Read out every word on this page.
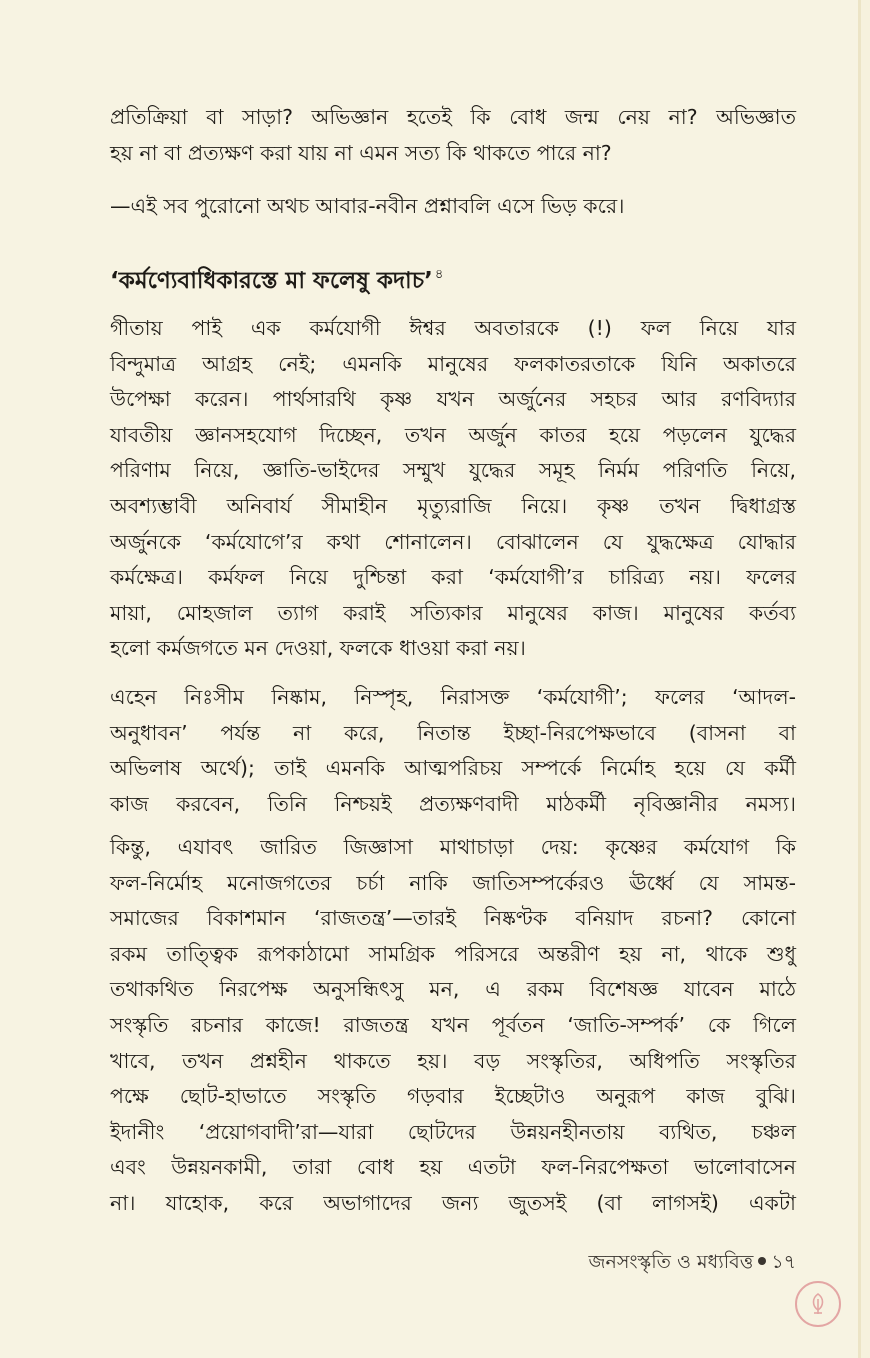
প্রতিক্রিয়া বা সাড়া? অভিজ্ঞান হতেই কি বোধ জন্ম নেয় না? অভিজ্ঞাত
হয় না বা প্রত্যক্ষণ করা যায় না এমন সত্য কি থাকতে পারে না?
—এই সব পুরোনো অথচ আবার-নবীন প্রশ্নাবলি এসে ভিড় করে।
‘কর্মণ্যেবাধিকারস্তে মা ফলেষু কদাচ’ $^৪$
গীতায় পাই এক কর্মযোগী ঈশ্বর অবতারকে (!) ফল নিয়ে যার
বিন্দুমাত্র আগ্রহ নেই; এমনকি মানুষের ফলকাতরতাকে যিনি অকাতরে
উপেক্ষা করেন। পার্থসারথি কৃষ্ণ যখন অর্জুনের সহচর আর রণবিদ্যার
যাবতীয় জ্ঞানসহযোগ দিচ্ছেন, তখন অর্জুন কাতর হয়ে পড়লেন যুদ্ধের
পরিণাম নিয়ে, জ্ঞাতি-ভাইদের সম্মুখ যুদ্ধের সমূহ নির্মম পরিণতি নিয়ে,
অবশ্যম্ভাবী অনিবার্য সীমাহীন মৃত্যুরাজি নিয়ে। কৃষ্ণ তখন দ্বিধাগ্রস্ত
অর্জুনকে ‘কর্মযোগে’র কথা শোনালেন। বোঝালেন যে যুদ্ধক্ষেত্র যোদ্ধার
কর্মক্ষেত্র। কর্মফল নিয়ে দুশ্চিন্তা করা ‘কর্মযোগী’র চারিত্র্য নয়। ফলের
মায়া, মোহজাল ত্যাগ করাই সত্যিকার মানুষের কাজ। মানুষের কর্তব্য
হলো কর্মজগতে মন দেওয়া, ফলকে ধাওয়া করা নয়।
এহেন নিঃসীম নিষ্কাম, নিস্পৃহ, নিরাসক্ত ‘কর্মযোগী’; ফলের ‘আদল-
অনুধাবন’ পর্যন্ত না করে, নিতান্ত ইচ্ছা-নিরপেক্ষভাবে (বাসনা বা
অভিলাষ অর্থে); তাই এমনকি আত্মপরিচয় সম্পর্কে নির্মোহ হয়ে যে কর্মী
কাজ করবেন, তিনি নিশ্চয়ই প্রত্যক্ষণবাদী মাঠকর্মী নৃবিজ্ঞানীর নমস্য।
কিন্তু, এযাবৎ জারিত জিজ্ঞাসা মাথাচাড়া দেয়: কৃষ্ণের কর্মযোগ কি
ফল-নির্মোহ মনোজগতের চর্চা নাকি জাতিসম্পর্কেরও ঊর্ধ্বে যে সামন্ত-
সমাজের বিকাশমান ‘রাজতন্ত্র’—তারই নিষ্কণ্টক বনিয়াদ রচনা? কোনো
রকম তাত্ত্বিক রূপকাঠামো সামগ্রিক পরিসরে অন্তরীণ হয় না, থাকে শুধু
তথাকথিত নিরপেক্ষ অনুসন্ধিৎসু মন, এ রকম বিশেষজ্ঞ যাবেন মাঠে
সংস্কৃতি রচনার কাজে! রাজতন্ত্র যখন পূর্বতন ‘জাতি-সম্পর্ক’ কে গিলে
খাবে, তখন প্রশ্নহীন থাকতে হয়। বড় সংস্কৃতির, অধিপতি সংস্কৃতির
পক্ষে ছোট-হাভাতে সংস্কৃতি গড়বার ইচ্ছেটাও অনুরূপ কাজ বুঝি।
ইদানীং ‘প্রয়োগবাদী’রা—যারা ছোটদের উন্নয়নহীনতায় ব্যথিত, চঞ্চল
এবং উন্নয়নকামী, তারা বোধ হয় এতটা ফল-নিরপেক্ষতা ভালোবাসেন
না। যাহোক, করে অভাগাদের জন্য জুতসই (বা লাগসই) একটা
জনসংস্কৃতি ও মধ্যবিত্ত ১৭
